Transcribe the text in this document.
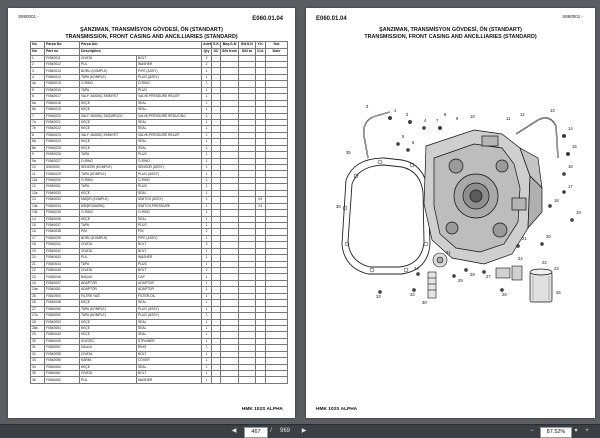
S890001 -	E060.01.04
ŞANZIMAN, TRANSMİSYON GÖVDESİ, ÖN (STANDART)
TRANSMISSION, FRONT CASING AND ANCILLIARIES (STANDARD)
No	Parça No	Parça Adı		Adet	S.K.	Baş.S.N	Bit.S.N	Y.K.	Not
No	Part no	Description		Qty	SC	S/N from	S/N to	ICA	Note
1	F0540011	CIVATA	BOLT	2					
2	F0540012	PUL	WASHER	2					
3	F0540013	BORU (KOMPLE)	PIPE (ASSY)	1					
4	F0540014	TAPA (KOMPLE)	PLUG (ASSY)	1					
4a	F0540015	O-RING	O-RING	1					
5	F0540016	TAPA	PLUG	1					
6	F0540017	VALF, BASINÇ EMNİYET	VALVE,PRESSURE RELIEF	1					
6a	F0540018	KEÇE	SEAL	1					
6b	F0540019	KEÇE	SEAL	1					
7	F0540020	VALF, BASINÇ DÜŞÜRÜCÜ	VALVE,PRESSURE REDUCING	1					
7a	F0540021	KEÇE	SEAL	1					
7b	F0540022	KEÇE	SEAL	1					
8	F0540023	VALF, BASINÇ EMNİYET	VALVE,PRESSURE RELIEF	1					
8a	F0540024	KEÇE	SEAL	1					
8b	F0540025	KEÇE	SEAL	1					
9	F0540026	TAPA	PLUG	1					
9a	F0540027	O-RING	O-RING	1					
10	S0K0000	SENSÖR (KOMPLE)	SENSOR (ASSY)	1					
11	F0540029	TAPA (KOMPLE)	PLUG (ASSY)	1					
11a	F0540030	O-RING	O-RING	1					
12	F0540031	TAPA	PLUG	1					
12a	F0540032	KEÇE	SEAL	1					
13	F0540033	MÜŞİR (KOMPLE)	SWITCH (ASSY)	1				K1	
13a	F0540034	MÜŞİR,BASINÇ	SWITCH,PRESSURE	1				K1	
13b	F0540035	O-RING	O-RING	1					
14	F0540036	KEÇE	SEAL	1					
15	F0540037	TAPA	PLUG	1					
16	F0540038	PİM	PIN	2					
17	F0540039	BORU (KOMPLE)	PIPE (ASSY)	1					
18	F0540041	CIVATA	BOLT	3					
19	F0540042	CIVATA	BOLT	1					
20	F0540043	PUL	WASHER	1					
21	F0540044	TAPA	PLUG	1					
22	F0540045	CIVATA	BOLT	2					
23	F0540046	BAŞLIK	CAP	1					
24	F0540047	ADAPTÖR	ADAPTOR	1					
24a	F0540051	ADAPTÖR	ADAPTOR	1					
25	F0510900	FİLTRE,YAĞ	FILTER,OIL	1					
26	F0540048	KEÇE	SEAL	1					
27	F0540050	TAPA (KOMPLE)	PLUG (ASSY)	1					
27a	F0540052	TAPA (KOMPLE)	PLUG (ASSY)	1					
28	F0540053	KEÇE	SEAL	1					
28a	F0540054	KEÇE	SEAL	1					
29	F0540040	KEÇE	SEAL	1					
30	F0540049	SÜZGEÇ	STRAINER	1					
31	F0540057	HALKA	RING	1					
32	F0540055	CIVATA	BOLT	1					
33	F0540056	KAPAK	COVER	1					
34	F0540060	KEÇE	SEAL	1					
35	F0540061	CIVATA	BOLT	1					
36	F0540062	PUL	WASHER	1					
HMK 102S ALPHA
E060.01.04	S890001 -
ŞANZIMAN, TRANSMİSYON GÖVDESİ, ÖN (STANDART)
TRANSMISSION, FRONT CASING AND ANCILLIARIES (STANDARD)
1
2
3
4
5
6
7
8
9	10	11
12
13
14
15
16
17
18
19
20
21
22
23
24
25
26
27
28
29
30
31
32
33
34
35
36
HMK 102S ALPHA
◀	467	/	969	▶	−	87.52%	▾	+
